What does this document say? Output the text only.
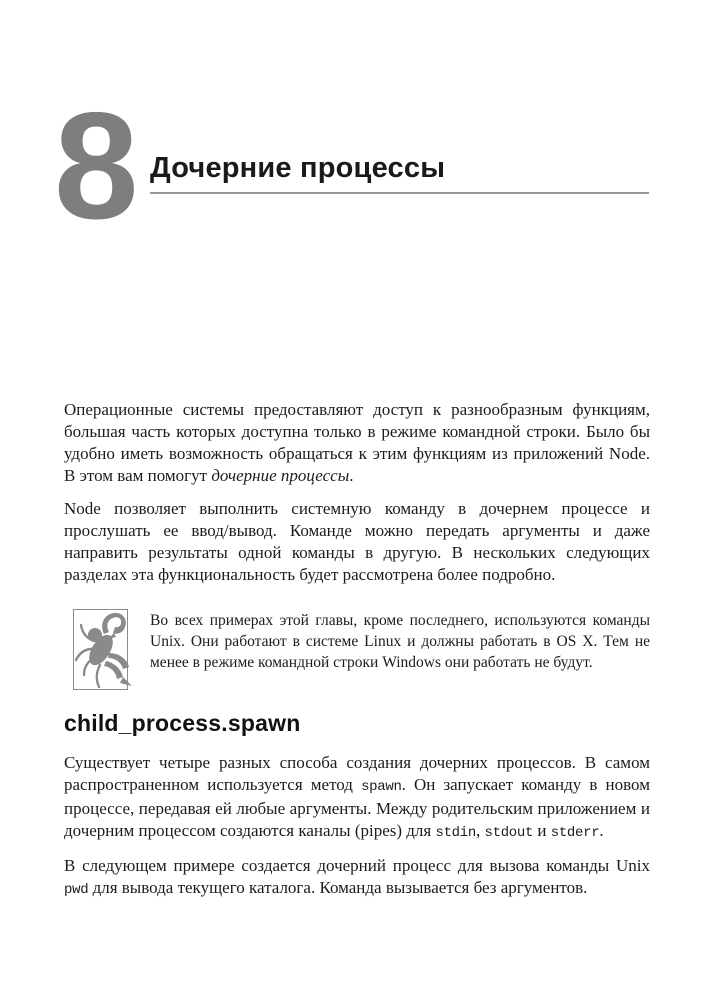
8 Дочерние процессы

Операционные системы предоставляют доступ к разнообразным функциям, большая часть которых доступна только в режиме командной строки. Было бы удобно иметь возможность обращаться к этим функциям из приложений Node. В этом вам помогут дочерние процессы.

Node позволяет выполнить системную команду в дочернем процессе и прослушать ее ввод/вывод. Команде можно передать аргументы и даже направить результаты одной команды в другую. В нескольких следующих разделах эта функциональность будет рассмотрена более подробно.

Во всех примерах этой главы, кроме последнего, используются команды Unix. Они работают в системе Linux и должны работать в OS X. Тем не менее в режиме командной строки Windows они работать не будут.
child_process.spawn

Существует четыре разных способа создания дочерних процессов. В самом распространенном используется метод spawn. Он запускает команду в новом процессе, передавая ей любые аргументы. Между родительским приложением и дочерним процессом создаются каналы (pipes) для stdin, stdout и stderr.

В следующем примере создается дочерний процесс для вызова команды Unix pwd для вывода текущего каталога. Команда вызывается без аргументов.
